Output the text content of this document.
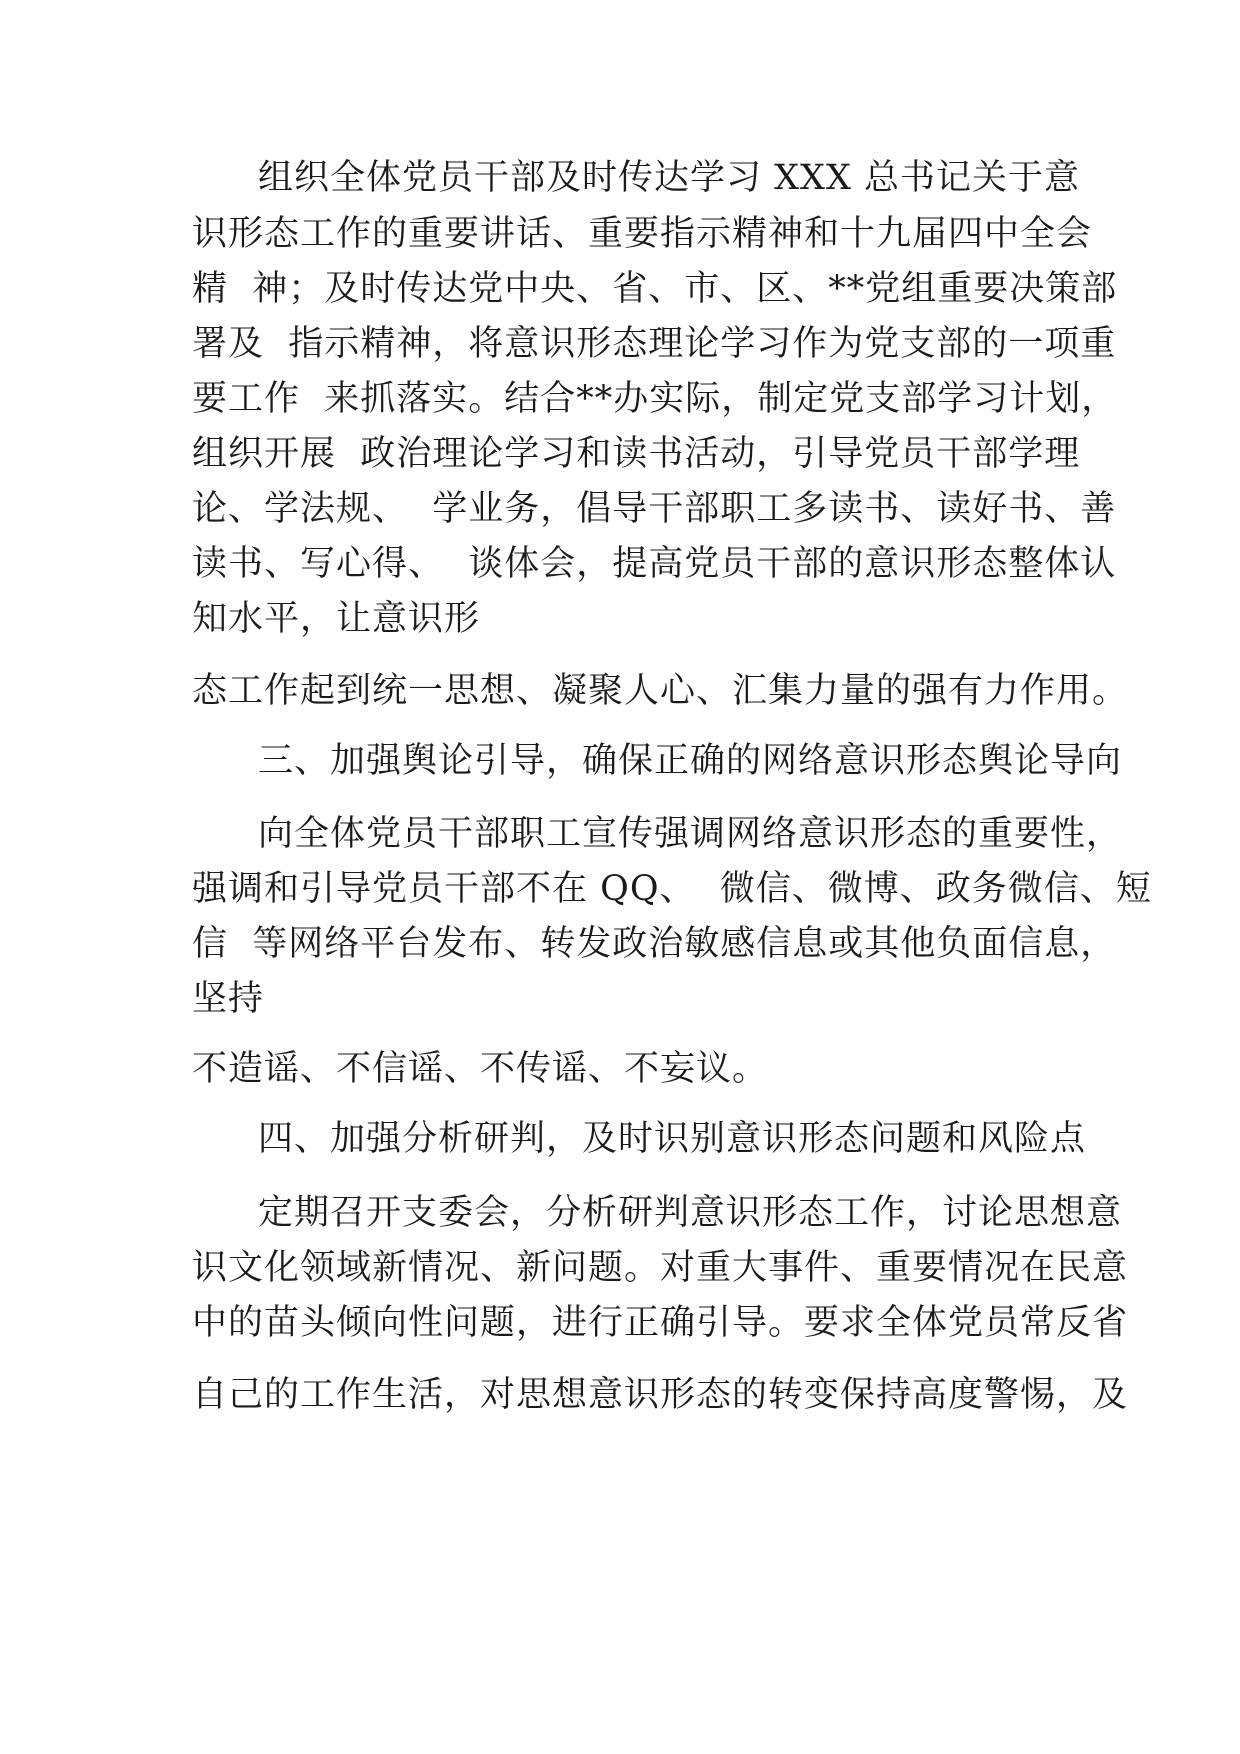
组织全体党员干部及时传达学习 XXX 总书记关于意
识形态工作的重要讲话、重要指示精神和十九届四中全会
精  神；及时传达党中央、省、市、区、**党组重要决策部
署及  指示精神，将意识形态理论学习作为党支部的一项重
要工作  来抓落实。结合**办实际，制定党支部学习计划，
组织开展  政治理论学习和读书活动，引导党员干部学理
论、学法规、  学业务，倡导干部职工多读书、读好书、善
读书、写心得、  谈体会，提高党员干部的意识形态整体认
知水平，让意识形
态工作起到统一思想、凝聚人心、汇集力量的强有力作用。
三、加强舆论引导，确保正确的网络意识形态舆论导向
向全体党员干部职工宣传强调网络意识形态的重要性，
强调和引导党员干部不在 QQ、  微信、微博、政务微信、短
信  等网络平台发布、转发政治敏感信息或其他负面信息，
坚持
不造谣、不信谣、不传谣、不妄议。
四、加强分析研判，及时识别意识形态问题和风险点
定期召开支委会，分析研判意识形态工作，讨论思想意
识文化领域新情况、新问题。对重大事件、重要情况在民意
中的苗头倾向性问题，进行正确引导。要求全体党员常反省
自己的工作生活，对思想意识形态的转变保持高度警惕，及
